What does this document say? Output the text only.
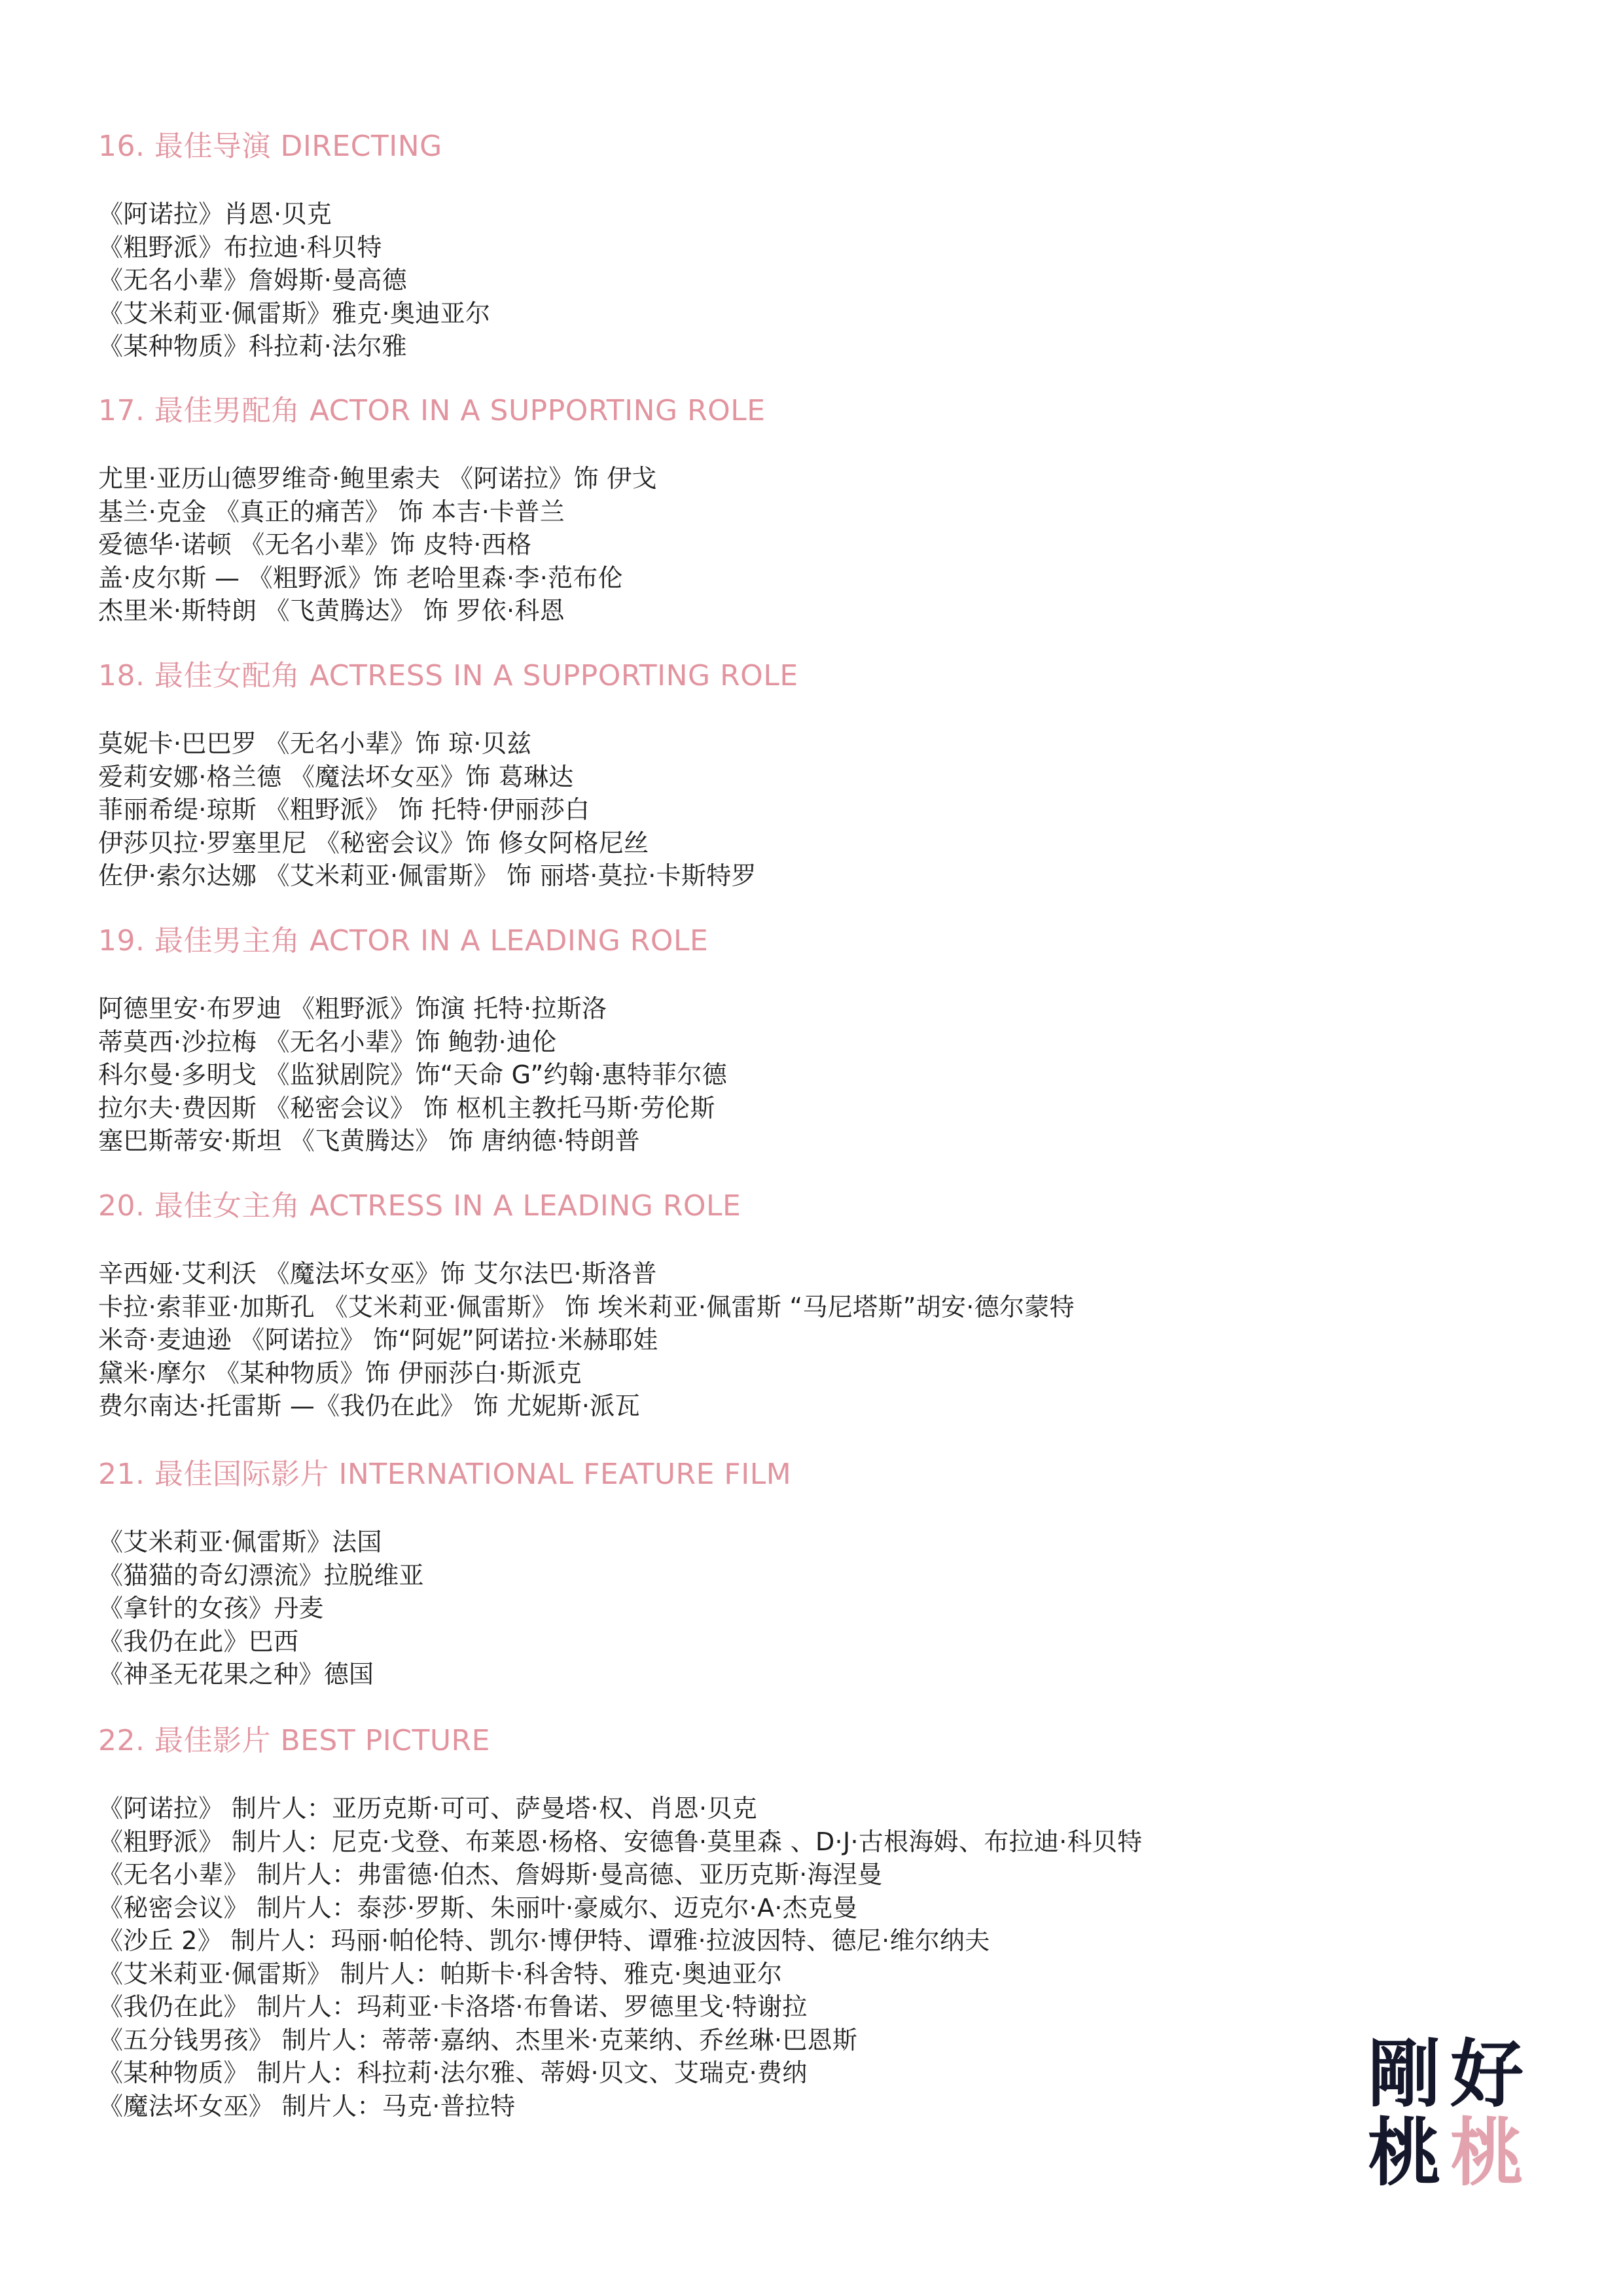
16. 最佳导演 DIRECTING
《阿诺拉》肖恩·贝克
《粗野派》布拉迪·科贝特
《无名小辈》詹姆斯·曼高德
《艾米莉亚·佩雷斯》雅克·奥迪亚尔
《某种物质》科拉莉·法尔雅
17. 最佳男配角 ACTOR IN A SUPPORTING ROLE
尤里·亚历山德罗维奇·鲍里索夫 《阿诺拉》饰 伊戈
基兰·克金 《真正的痛苦》 饰 本吉·卡普兰
爱德华·诺顿 《无名小辈》饰 皮特·西格
盖·皮尔斯 — 《粗野派》饰 老哈里森·李·范布伦
杰里米·斯特朗 《飞黄腾达》 饰 罗依·科恩
18. 最佳女配角 ACTRESS IN A SUPPORTING ROLE
莫妮卡·巴巴罗 《无名小辈》饰 琼·贝兹
爱莉安娜·格兰德 《魔法坏女巫》饰 葛琳达
菲丽希缇·琼斯 《粗野派》 饰 托特·伊丽莎白
伊莎贝拉·罗塞里尼 《秘密会议》饰 修女阿格尼丝
佐伊·索尔达娜 《艾米莉亚·佩雷斯》 饰 丽塔·莫拉·卡斯特罗
19. 最佳男主角 ACTOR IN A LEADING ROLE
阿德里安·布罗迪 《粗野派》饰演 托特·拉斯洛
蒂莫西·沙拉梅 《无名小辈》饰 鲍勃·迪伦
科尔曼·多明戈 《监狱剧院》饰“天命 G”约翰·惠特菲尔德
拉尔夫·费因斯 《秘密会议》 饰 枢机主教托马斯·劳伦斯
塞巴斯蒂安·斯坦 《飞黄腾达》 饰 唐纳德·特朗普
20. 最佳女主角 ACTRESS IN A LEADING ROLE
辛西娅·艾利沃 《魔法坏女巫》饰 艾尔法巴·斯洛普
卡拉·索菲亚·加斯孔 《艾米莉亚·佩雷斯》 饰 埃米莉亚·佩雷斯 “马尼塔斯”胡安·德尔蒙特
米奇·麦迪逊 《阿诺拉》 饰“阿妮”阿诺拉·米赫耶娃
黛米·摩尔 《某种物质》饰 伊丽莎白·斯派克
费尔南达·托雷斯 —《我仍在此》 饰 尤妮斯·派瓦
21. 最佳国际影片 INTERNATIONAL FEATURE FILM
《艾米莉亚·佩雷斯》法国
《猫猫的奇幻漂流》拉脱维亚
《拿针的女孩》丹麦
《我仍在此》巴西
《神圣无花果之种》德国
22. 最佳影片 BEST PICTURE
《阿诺拉》 制片人：亚历克斯·可可、萨曼塔·权、肖恩·贝克
《粗野派》 制片人：尼克·戈登、布莱恩·杨格、安德鲁·莫里森 、D·J·古根海姆、布拉迪·科贝特
《无名小辈》 制片人：弗雷德·伯杰、詹姆斯·曼高德、亚历克斯·海涅曼
《秘密会议》 制片人：泰莎·罗斯、朱丽叶·豪威尔、迈克尔·A·杰克曼
《沙丘 2》 制片人：玛丽·帕伦特、凯尔·博伊特、谭雅·拉波因特、德尼·维尔纳夫
《艾米莉亚·佩雷斯》 制片人：帕斯卡·科舍特、雅克·奥迪亚尔
《我仍在此》 制片人：玛莉亚·卡洛塔·布鲁诺、罗德里戈·特谢拉
《五分钱男孩》 制片人：蒂蒂·嘉纳、杰里米·克莱纳、乔丝琳·巴恩斯
《某种物质》 制片人：科拉莉·法尔雅、蒂姆·贝文、艾瑞克·费纳
《魔法坏女巫》 制片人：马克·普拉特	剛 好
桃 桃
